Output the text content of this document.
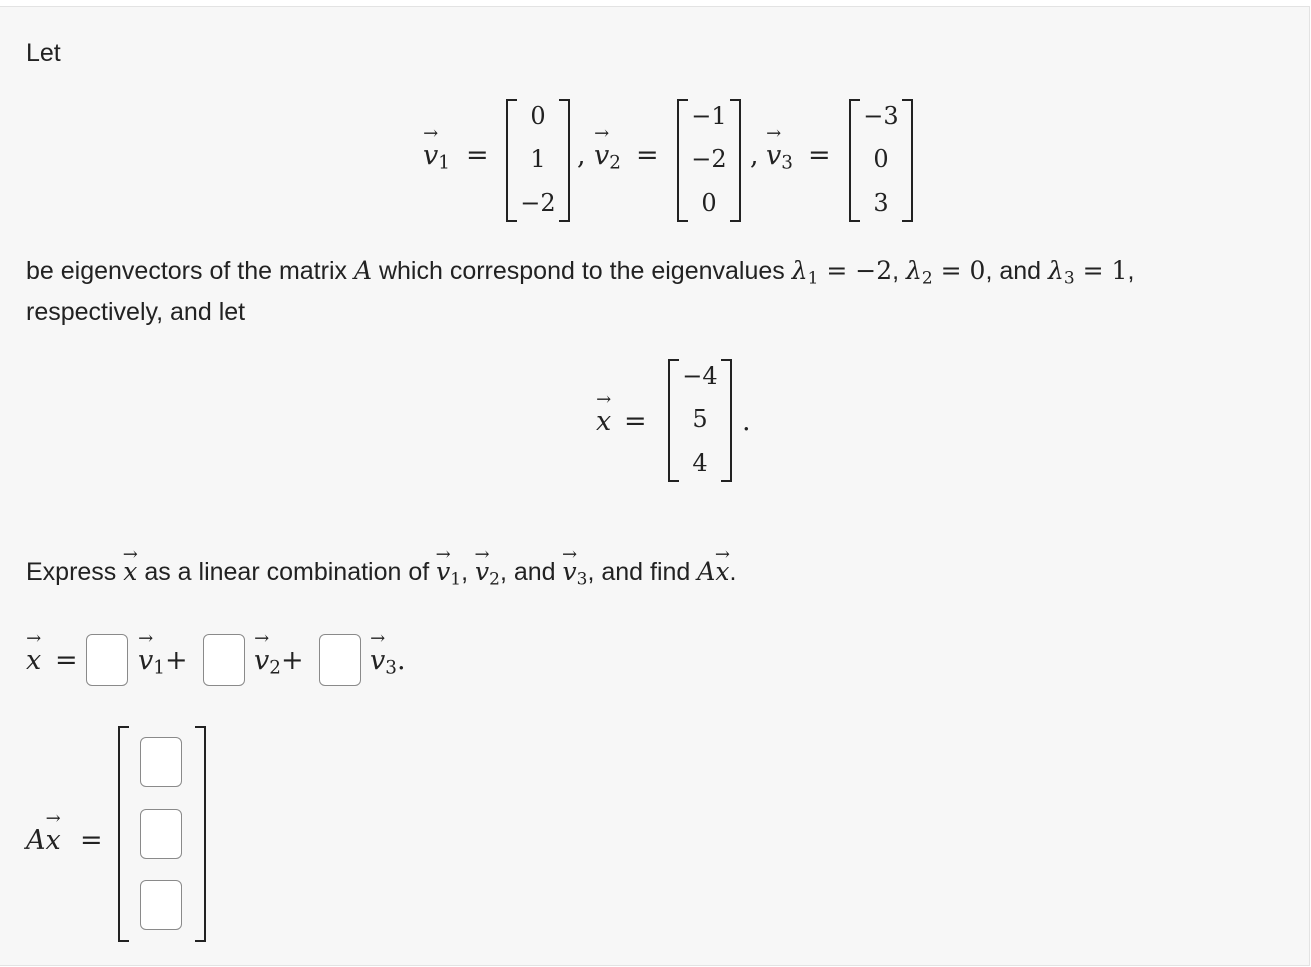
Let
→ $v_1$ =
0
1
−2
,
→ $v_2$ =
−1
−2
0
,
→ $v_3$ =
−3
0
3
be eigenvectors of the matrix A which correspond to the eigenvalues $\lambda_1 = -2$, $\lambda_2 = 0$, and $\lambda_3 = 1$,
respectively, and let
→ x =
−4
5
4
.
Express → x as a linear combination of → $v_1$, → $v_2$, and → $v_3$, and find A→ x.
→ x =
→ $v_1+$
→ $v_2+$
→ $v_3$.
A→ x =
